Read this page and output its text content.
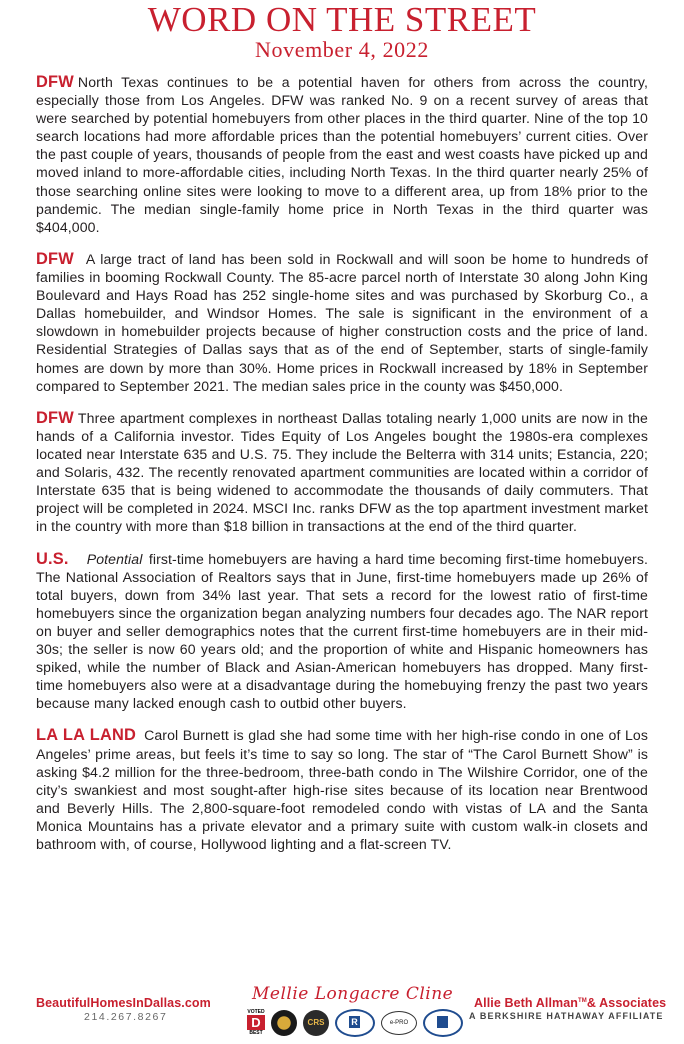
WORD ON THE STREET
November 4, 2022

DFW North Texas continues to be a potential haven for others from across the country, especially those from Los Angeles. DFW was ranked No. 9 on a recent survey of areas that were searched by potential homebuyers from other places in the third quarter. Nine of the top 10 search locations had more affordable prices than the potential homebuyers’ current cities. Over the past couple of years, thousands of people from the east and west coasts have picked up and moved inland to more-affordable cities, including North Texas. In the third quarter nearly 25% of those searching online sites were looking to move to a different area, up from 18% prior to the pandemic. The median single-family home price in North Texas in the third quarter was $404,000.

DFW A large tract of land has been sold in Rockwall and will soon be home to hundreds of families in booming Rockwall County. The 85-acre parcel north of Interstate 30 along John King Boulevard and Hays Road has 252 single-home sites and was purchased by Skorburg Co., a Dallas homebuilder, and Windsor Homes. The sale is significant in the environment of a slowdown in homebuilder projects because of higher construction costs and the price of land. Residential Strategies of Dallas says that as of the end of September, starts of single-family homes are down by more than 30%. Home prices in Rockwall increased by 18% in September compared to September 2021. The median sales price in the county was $450,000.

DFW Three apartment complexes in northeast Dallas totaling nearly 1,000 units are now in the hands of a California investor. Tides Equity of Los Angeles bought the 1980s-era complexes located near Interstate 635 and U.S. 75. They include the Belterra with 314 units; Estancia, 220; and Solaris, 432. The recently renovated apartment communities are located within a corridor of Interstate 635 that is being widened to accommodate the thousands of daily commuters. That project will be completed in 2024. MSCI Inc. ranks DFW as the top apartment investment market in the country with more than $18 billion in transactions at the end of the third quarter.

U.S. Potential first-time homebuyers are having a hard time becoming first-time homebuyers. The National Association of Realtors says that in June, first-time homebuyers made up 26% of total buyers, down from 34% last year. That sets a record for the lowest ratio of first-time homebuyers since the organization began analyzing numbers four decades ago. The NAR report on buyer and seller demographics notes that the current first-time homebuyers are in their mid-30s; the seller is now 60 years old; and the proportion of white and Hispanic homeowners has spiked, while the number of Black and Asian-American homebuyers has dropped. Many first-time homebuyers also were at a disadvantage during the homebuying frenzy the past two years because many lacked enough cash to outbid other buyers.

LA LA LAND Carol Burnett is glad she had some time with her high-rise condo in one of Los Angeles’ prime areas, but feels it’s time to say so long. The star of “The Carol Burnett Show” is asking $4.2 million for the three-bedroom, three-bath condo in The Wilshire Corridor, one of the city’s swankiest and most sought-after high-rise sites because of its location near Brentwood and Beverly Hills. The 2,800-square-foot remodeled condo with vistas of LA and the Santa Monica Mountains has a private elevator and a primary suite with custom walk-in closets and bathroom with, of course, Hollywood lighting and a flat-screen TV.

BeautifulHomesInDallas.com
214.267.8267
Mellie Longacre Cline
VOTED
D
BEST
CRS	R	e-PRO
Allie Beth Allman™& Associates
A BERKSHIRE HATHAWAY AFFILIATE
